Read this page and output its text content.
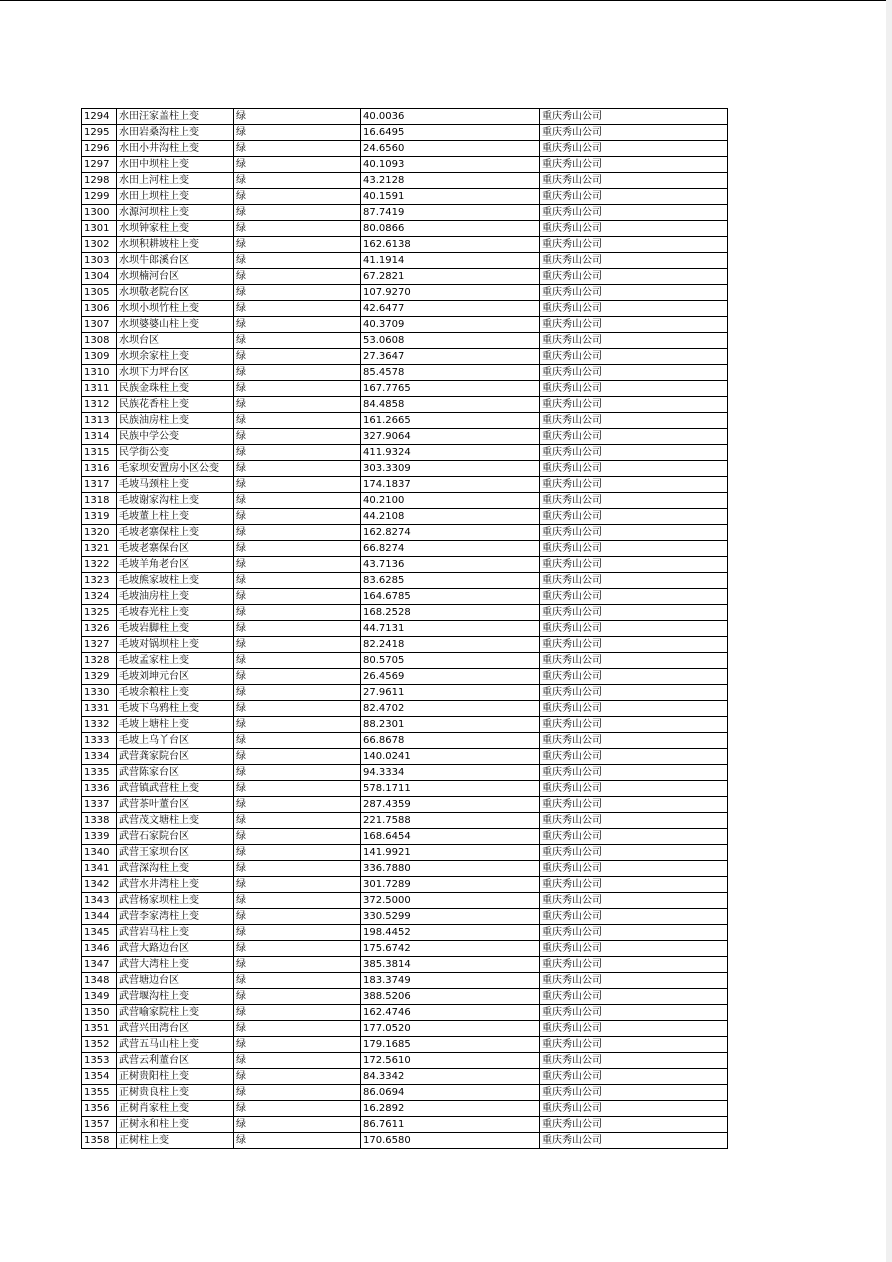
1294	水田汪家盖柱上变	绿	40.0036	重庆秀山公司
1295	水田岩桑沟柱上变	绿	16.6495	重庆秀山公司
1296	水田小井沟柱上变	绿	24.6560	重庆秀山公司
1297	水田中坝柱上变	绿	40.1093	重庆秀山公司
1298	水田上河柱上变	绿	43.2128	重庆秀山公司
1299	水田上坝柱上变	绿	40.1591	重庆秀山公司
1300	水源河坝柱上变	绿	87.7419	重庆秀山公司
1301	水坝钟家柱上变	绿	80.0866	重庆秀山公司
1302	水坝积耕坡柱上变	绿	162.6138	重庆秀山公司
1303	水坝牛郎溪台区	绿	41.1914	重庆秀山公司
1304	水坝楠河台区	绿	67.2821	重庆秀山公司
1305	水坝敬老院台区	绿	107.9270	重庆秀山公司
1306	水坝小坝竹柱上变	绿	42.6477	重庆秀山公司
1307	水坝婆婆山柱上变	绿	40.3709	重庆秀山公司
1308	水坝台区	绿	53.0608	重庆秀山公司
1309	水坝余家柱上变	绿	27.3647	重庆秀山公司
1310	水坝下力坪台区	绿	85.4578	重庆秀山公司
1311	民族金珠柱上变	绿	167.7765	重庆秀山公司
1312	民族花香柱上变	绿	84.4858	重庆秀山公司
1313	民族油房柱上变	绿	161.2665	重庆秀山公司
1314	民族中学公变	绿	327.9064	重庆秀山公司
1315	民学街公变	绿	411.9324	重庆秀山公司
1316	毛家坝安置房小区公变	绿	303.3309	重庆秀山公司
1317	毛坡马颈柱上变	绿	174.1837	重庆秀山公司
1318	毛坡谢家沟柱上变	绿	40.2100	重庆秀山公司
1319	毛坡董上柱上变	绿	44.2108	重庆秀山公司
1320	毛坡老寨保柱上变	绿	162.8274	重庆秀山公司
1321	毛坡老寨保台区	绿	66.8274	重庆秀山公司
1322	毛坡羊角老台区	绿	43.7136	重庆秀山公司
1323	毛坡熊家坡柱上变	绿	83.6285	重庆秀山公司
1324	毛坡油房柱上变	绿	164.6785	重庆秀山公司
1325	毛坡春光柱上变	绿	168.2528	重庆秀山公司
1326	毛坡岩脚柱上变	绿	44.7131	重庆秀山公司
1327	毛坡对锅坝柱上变	绿	82.2418	重庆秀山公司
1328	毛坡孟家柱上变	绿	80.5705	重庆秀山公司
1329	毛坡刘坤元台区	绿	26.4569	重庆秀山公司
1330	毛坡余粮柱上变	绿	27.9611	重庆秀山公司
1331	毛坡下乌鸦柱上变	绿	82.4702	重庆秀山公司
1332	毛坡上塘柱上变	绿	88.2301	重庆秀山公司
1333	毛坡上乌丫台区	绿	66.8678	重庆秀山公司
1334	武营龚家院台区	绿	140.0241	重庆秀山公司
1335	武营陈家台区	绿	94.3334	重庆秀山公司
1336	武营镇武营柱上变	绿	578.1711	重庆秀山公司
1337	武营茶叶董台区	绿	287.4359	重庆秀山公司
1338	武营茂文塘柱上变	绿	221.7588	重庆秀山公司
1339	武营石家院台区	绿	168.6454	重庆秀山公司
1340	武营王家坝台区	绿	141.9921	重庆秀山公司
1341	武营深沟柱上变	绿	336.7880	重庆秀山公司
1342	武营水井湾柱上变	绿	301.7289	重庆秀山公司
1343	武营杨家坝柱上变	绿	372.5000	重庆秀山公司
1344	武营李家湾柱上变	绿	330.5299	重庆秀山公司
1345	武营岩马柱上变	绿	198.4452	重庆秀山公司
1346	武营大路边台区	绿	175.6742	重庆秀山公司
1347	武营大湾柱上变	绿	385.3814	重庆秀山公司
1348	武营塘边台区	绿	183.3749	重庆秀山公司
1349	武营堰沟柱上变	绿	388.5206	重庆秀山公司
1350	武营喻家院柱上变	绿	162.4746	重庆秀山公司
1351	武营兴田湾台区	绿	177.0520	重庆秀山公司
1352	武营五马山柱上变	绿	179.1685	重庆秀山公司
1353	武营云利董台区	绿	172.5610	重庆秀山公司
1354	正树贵阳柱上变	绿	84.3342	重庆秀山公司
1355	正树贵良柱上变	绿	86.0694	重庆秀山公司
1356	正树肖家柱上变	绿	16.2892	重庆秀山公司
1357	正树永和柱上变	绿	86.7611	重庆秀山公司
1358	正树柱上变	绿	170.6580	重庆秀山公司
